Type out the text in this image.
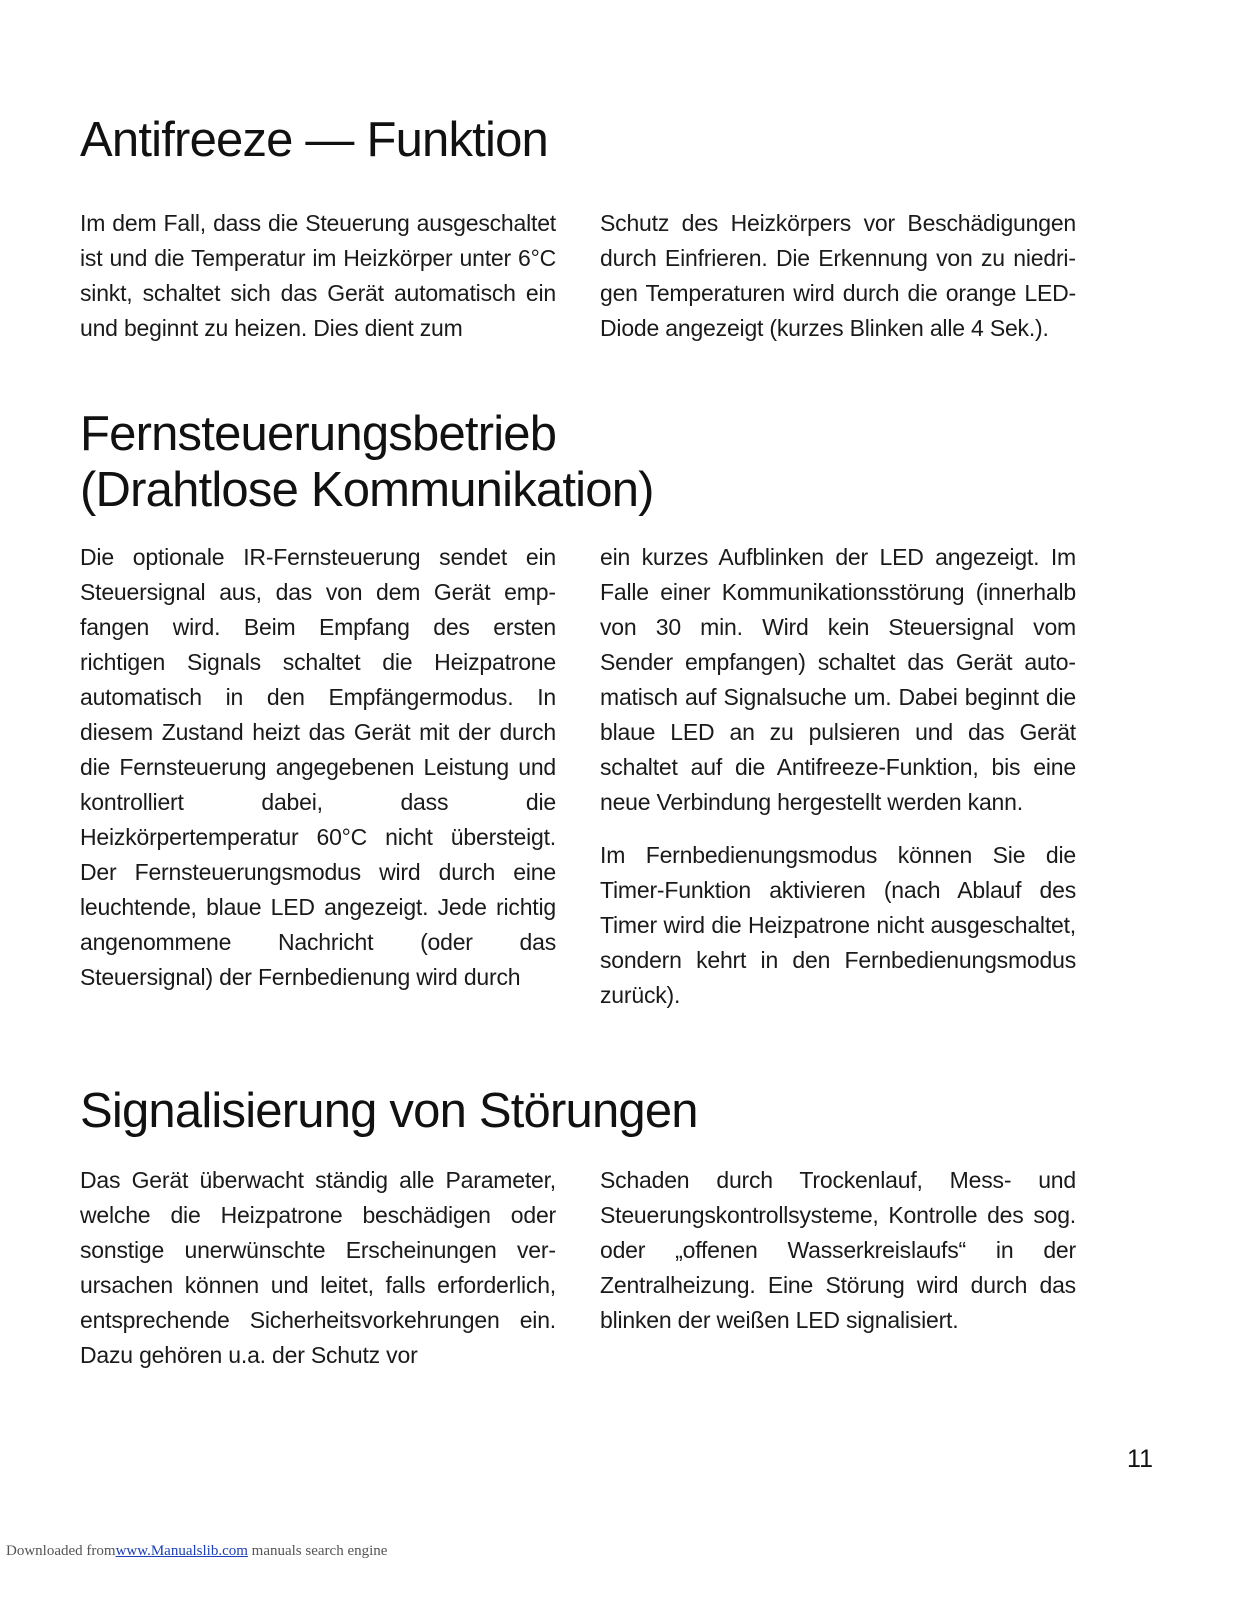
Antifreeze — Funktion

Im dem Fall, dass die Steuerung ausgeschaltet ist und die Temperatur im Heizkörper unter 6°C sinkt, schaltet sich das Gerät automatisch ein und beginnt zu heizen. Dies dient zum

Schutz des Heizkörpers vor Beschädigungen durch Einfrieren. Die Erkennung von zu niedrigen Temperaturen wird durch die orange LED-Diode angezeigt (kurzes Blinken alle 4 Sek.).

Fernsteuerungsbetrieb
(Drahtlose Kommunikation)

Die optionale IR-Fernsteuerung sendet ein Steuersignal aus, das von dem Gerät empfangen wird. Beim Empfang des ersten richtigen Signals schaltet die Heizpatrone automatisch in den Empfängermodus. In diesem Zustand heizt das Gerät mit der durch die Fernsteuerung angegebenen Leistung und kontrolliert dabei, dass die Heizkörpertemperatur 60°C nicht übersteigt. Der Fernsteuerungsmodus wird durch eine leuchtende, blaue LED angezeigt. Jede richtig angenommene Nachricht (oder das Steuersignal) der Fernbedienung wird durch

ein kurzes Aufblinken der LED angezeigt. Im Falle einer Kommunikationsstörung (innerhalb von 30 min. Wird kein Steuersignal vom Sender empfangen) schaltet das Gerät automatisch auf Signalsuche um. Dabei beginnt die blaue LED an zu pulsieren und das Gerät schaltet auf die Antifreeze-Funktion, bis eine neue Verbindung hergestellt werden kann.

Im Fernbedienungsmodus können Sie die Timer-Funktion aktivieren (nach Ablauf des Timer wird die Heizpatrone nicht ausgeschaltet, sondern kehrt in den Fernbedienungsmodus zurück).

Signalisierung von Störungen

Das Gerät überwacht ständig alle Parameter, welche die Heizpatrone beschädigen oder sonstige unerwünschte Erscheinungen verursachen können und leitet, falls erforderlich, entsprechende Sicherheitsvorkehrungen ein. Dazu gehören u.a. der Schutz vor

Schaden durch Trockenlauf, Mess- und Steuerungskontrollsysteme, Kontrolle des sog. oder „offenen Wasserkreislaufs“ in der Zentralheizung. Eine Störung wird durch das blinken der weißen LED signalisiert.

11
Downloaded fromwww.Manualslib.com manuals search engine
